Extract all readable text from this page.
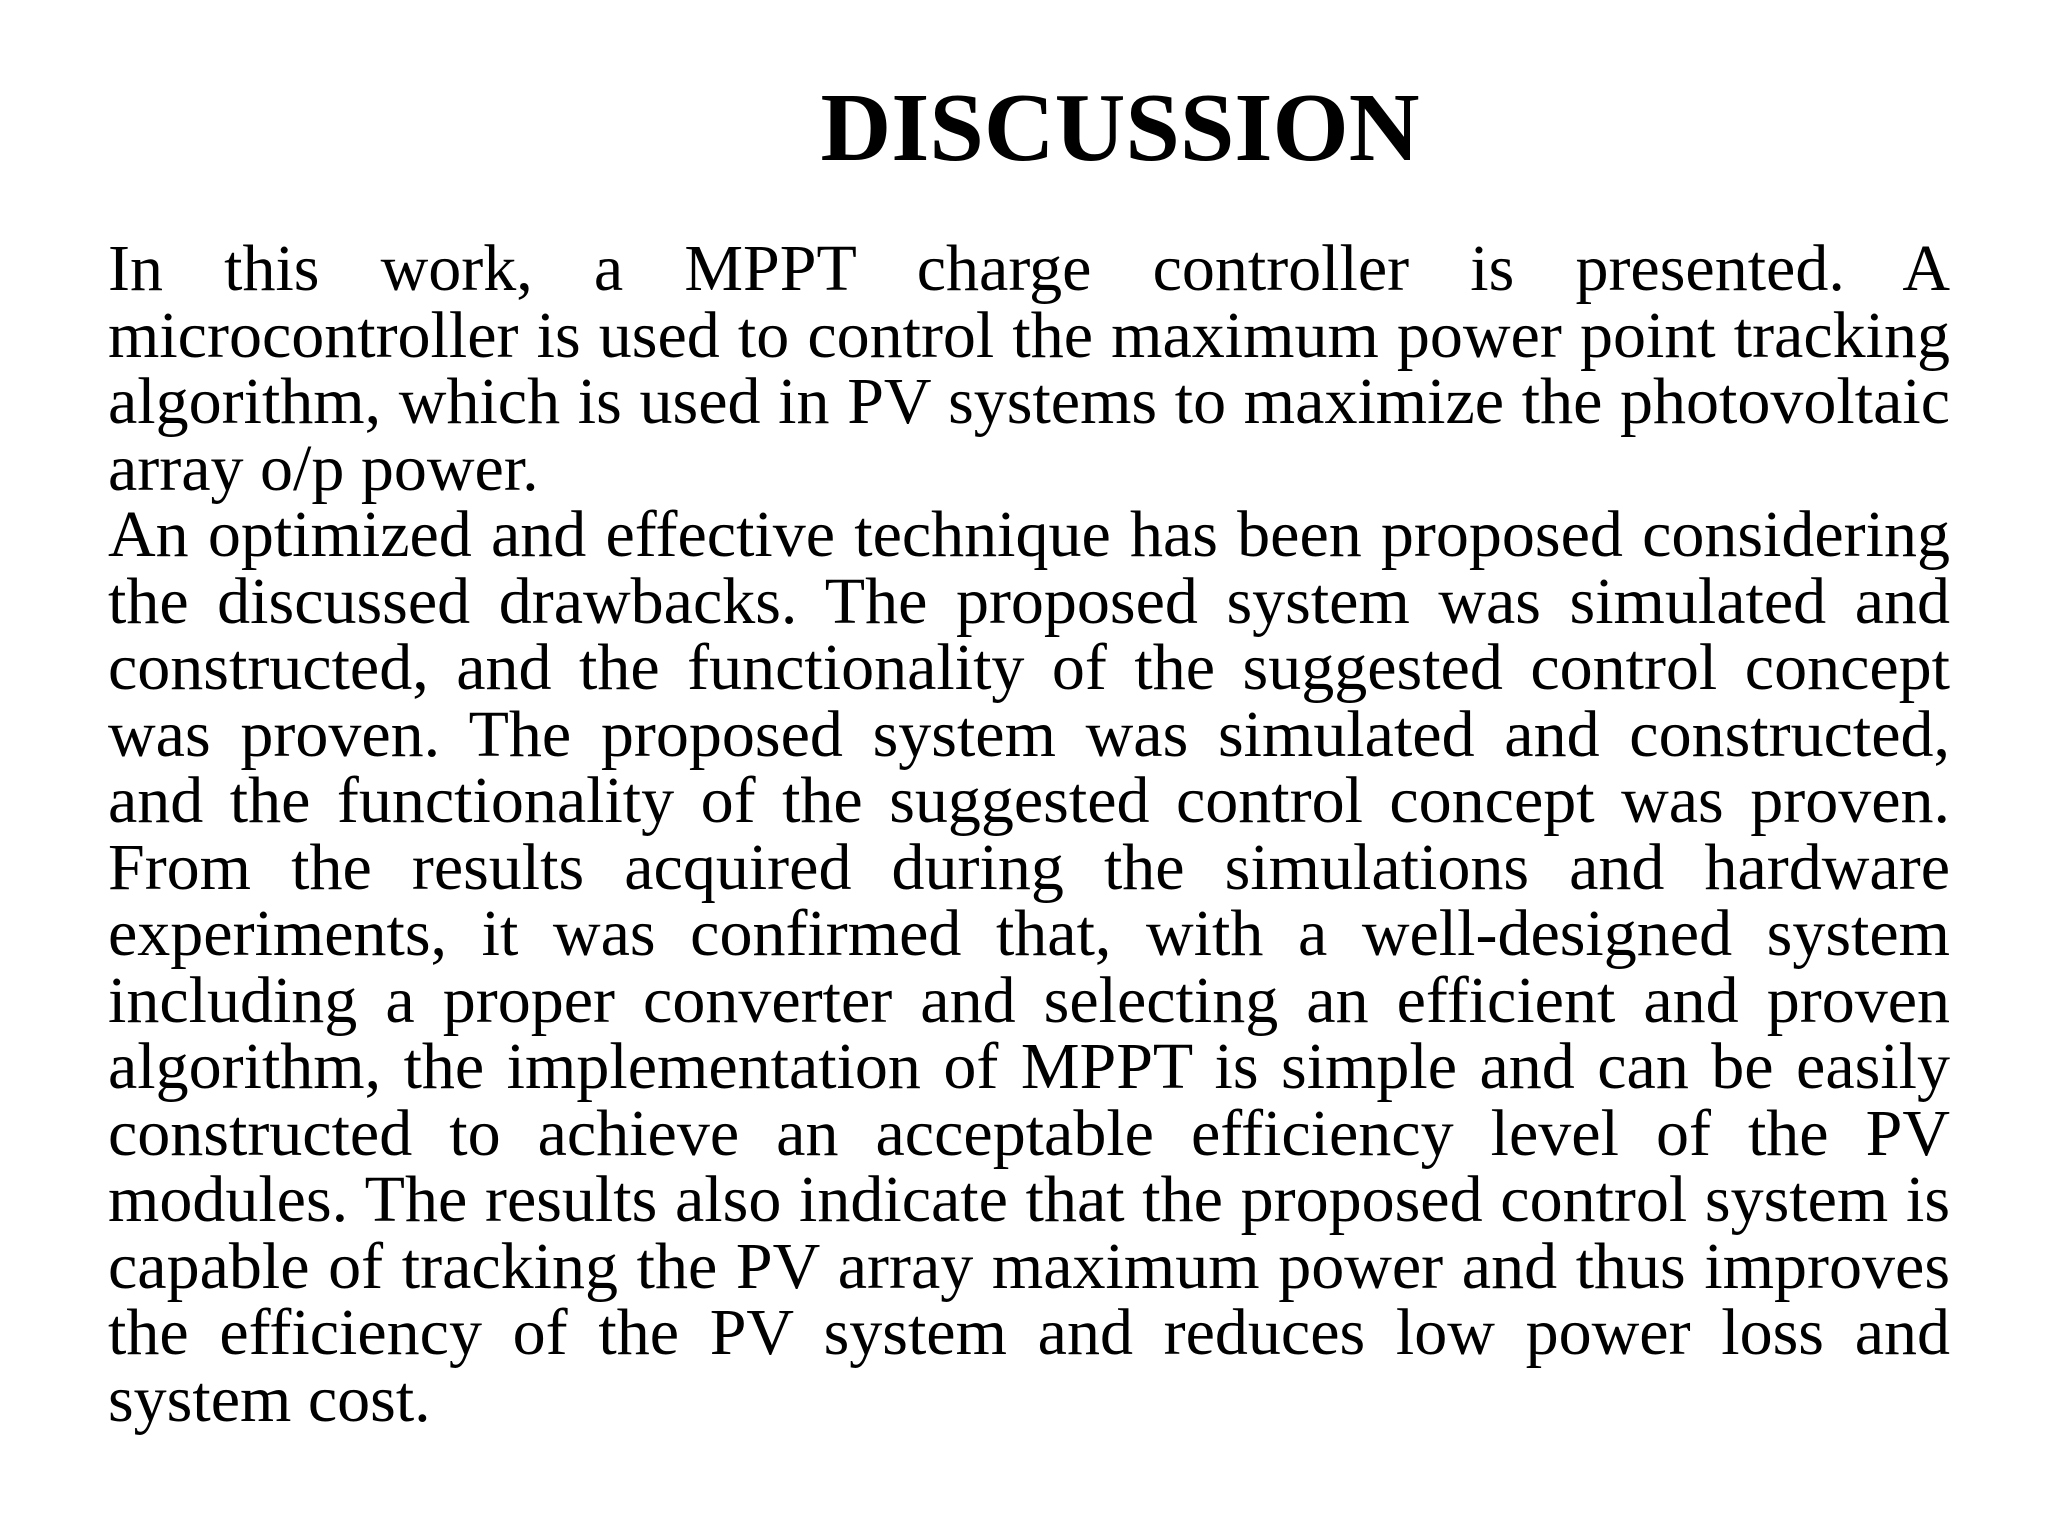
DISCUSSION

In this work, a MPPT charge controller is presented. A microcontroller is used to control the maximum power point tracking algorithm, which is used in PV systems to maximize the photovoltaic array o/p power.

An optimized and effective technique has been proposed considering the discussed drawbacks. The proposed system was simulated and constructed, and the functionality of the suggested control concept was proven. The proposed system was simulated and constructed, and the functionality of the suggested control concept was proven. From the results acquired during the simulations and hardware experiments, it was confirmed that, with a well-designed system including a proper converter and selecting an efficient and proven algorithm, the implementation of MPPT is simple and can be easily constructed to achieve an acceptable efficiency level of the PV modules. The results also indicate that the proposed control system is capable of tracking the PV array maximum power and thus improves the efficiency of the PV system and reduces low power loss and system cost.
